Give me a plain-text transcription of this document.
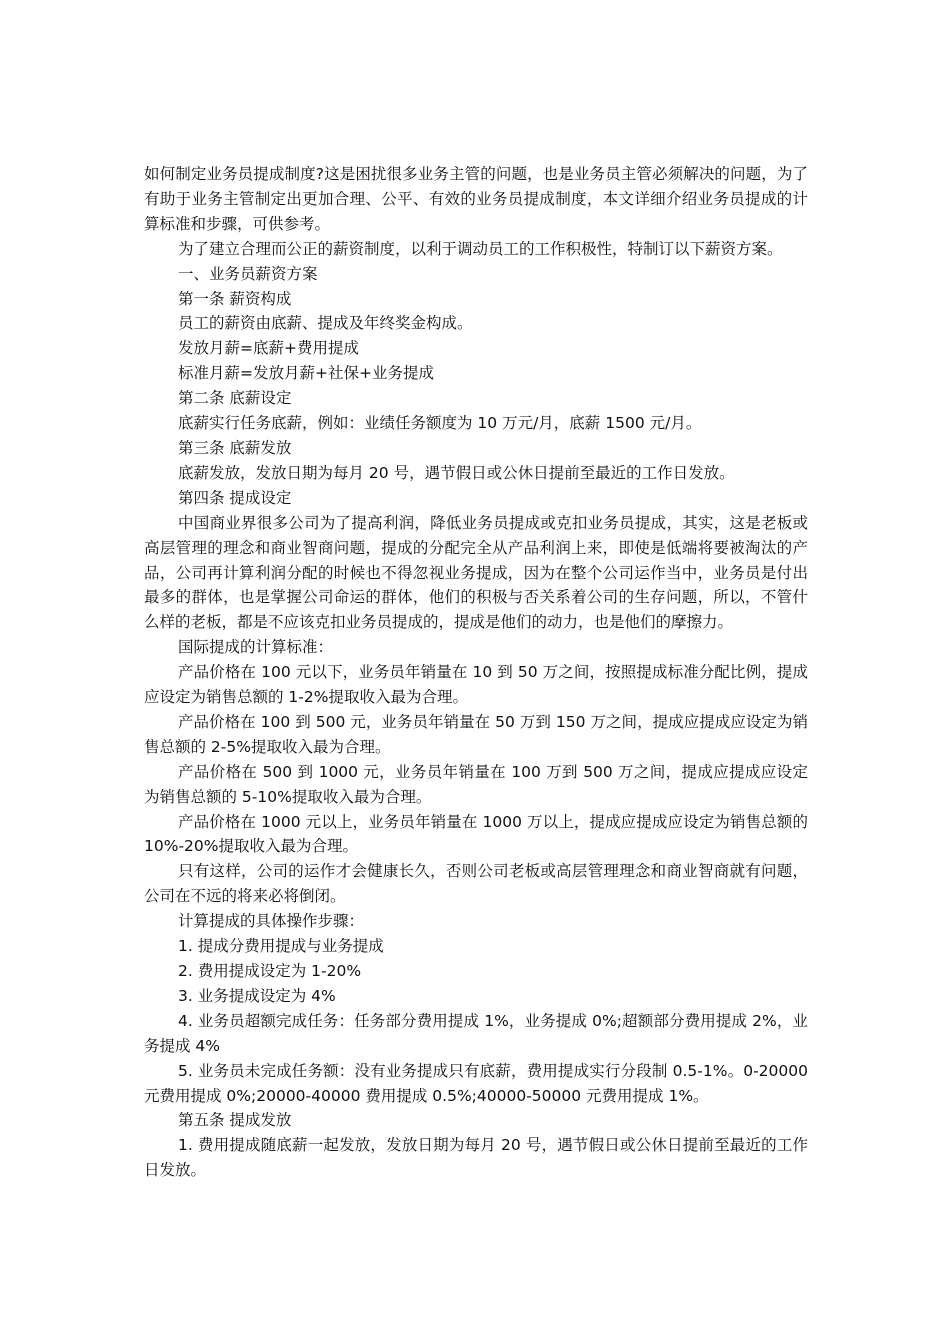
如何制定业务员提成制度?这是困扰很多业务主管的问题，也是业务员主管必须解决的问题，为了有助于业务主管制定出更加合理、公平、有效的业务员提成制度，本文详细介绍业务员提成的计算标准和步骤，可供参考。

为了建立合理而公正的薪资制度，以利于调动员工的工作积极性，特制订以下薪资方案。

一、业务员薪资方案

第一条 薪资构成

员工的薪资由底薪、提成及年终奖金构成。

发放月薪=底薪+费用提成

标准月薪=发放月薪+社保+业务提成

第二条 底薪设定

底薪实行任务底薪，例如：业绩任务额度为 10 万元/月，底薪 1500 元/月。

第三条 底薪发放

底薪发放，发放日期为每月 20 号，遇节假日或公休日提前至最近的工作日发放。

第四条 提成设定

中国商业界很多公司为了提高利润，降低业务员提成或克扣业务员提成，其实，这是老板或高层管理的理念和商业智商问题，提成的分配完全从产品利润上来，即使是低端将要被淘汰的产品，公司再计算利润分配的时候也不得忽视业务提成，因为在整个公司运作当中，业务员是付出最多的群体，也是掌握公司命运的群体，他们的积极与否关系着公司的生存问题，所以，不管什么样的老板，都是不应该克扣业务员提成的，提成是他们的动力，也是他们的摩擦力。

国际提成的计算标准：

产品价格在 100 元以下，业务员年销量在 10 到 50 万之间，按照提成标准分配比例，提成应设定为销售总额的 1-2%提取收入最为合理。

产品价格在 100 到 500 元，业务员年销量在 50 万到 150 万之间，提成应提成应设定为销售总额的 2-5%提取收入最为合理。

产品价格在 500 到 1000 元，业务员年销量在 100 万到 500 万之间，提成应提成应设定为销售总额的 5-10%提取收入最为合理。

产品价格在 1000 元以上，业务员年销量在 1000 万以上，提成应提成应设定为销售总额的 10%-20%提取收入最为合理。

只有这样，公司的运作才会健康长久，否则公司老板或高层管理理念和商业智商就有问题，公司在不远的将来必将倒闭。

计算提成的具体操作步骤：

1. 提成分费用提成与业务提成

2. 费用提成设定为 1-20%

3. 业务提成设定为 4%

4. 业务员超额完成任务：任务部分费用提成 1%，业务提成 0%;超额部分费用提成 2%，业务提成 4%

5. 业务员未完成任务额：没有业务提成只有底薪，费用提成实行分段制 0.5-1%。0-20000 元费用提成 0%;20000-40000 费用提成 0.5%;40000-50000 元费用提成 1%。

第五条 提成发放

1. 费用提成随底薪一起发放，发放日期为每月 20 号，遇节假日或公休日提前至最近的工作日发放。
